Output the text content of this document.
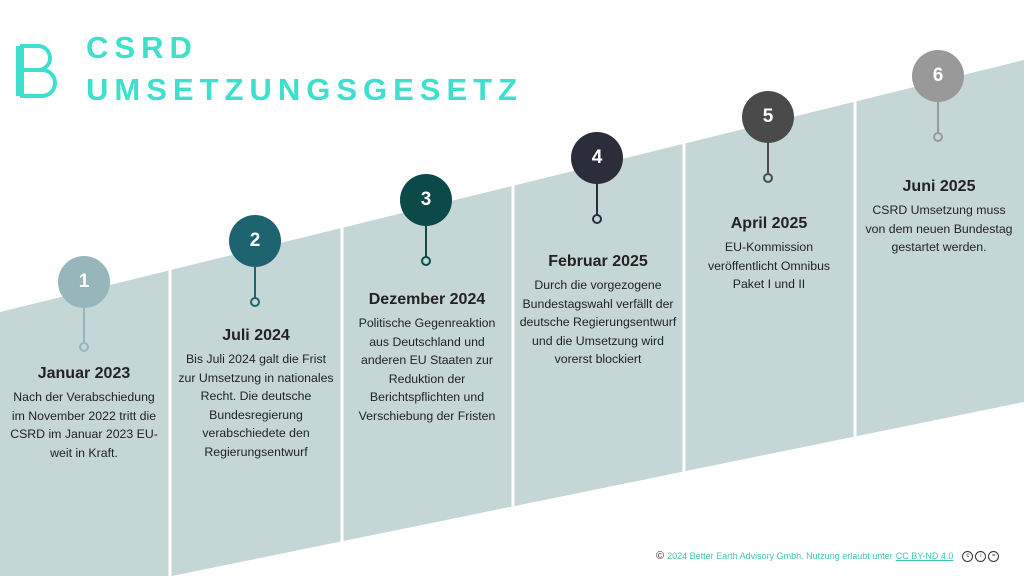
CSRD
UMSETZUNGSGESETZ
1

Januar 2023

Nach der Verabschiedung im November 2022 tritt die CSRD im Januar 2023 EU-weit in Kraft.

2

Juli 2024

Bis Juli 2024 galt die Frist zur Umsetzung in nationales Recht. Die deutsche Bundesregierung verabschiedete den Regierungsentwurf

3

Dezember 2024

Politische Gegenreaktion aus Deutschland und anderen EU Staaten zur Reduktion der Berichtspflichten und Verschiebung der Fristen

4

Februar 2025

Durch die vorgezogene Bundestagswahl verfällt der deutsche Regierungsentwurf und die Umsetzung wird vorerst blockiert

5

April 2025

EU-Kommission veröffentlicht Omnibus Paket I und II

6

Juni 2025

CSRD Umsetzung muss von dem neuen Bundestag gestartet werden.

© 2024 Better Earth Advisory Gmbh. Nutzung erlaubt unter CC BY-ND 4.0	c	i	=
